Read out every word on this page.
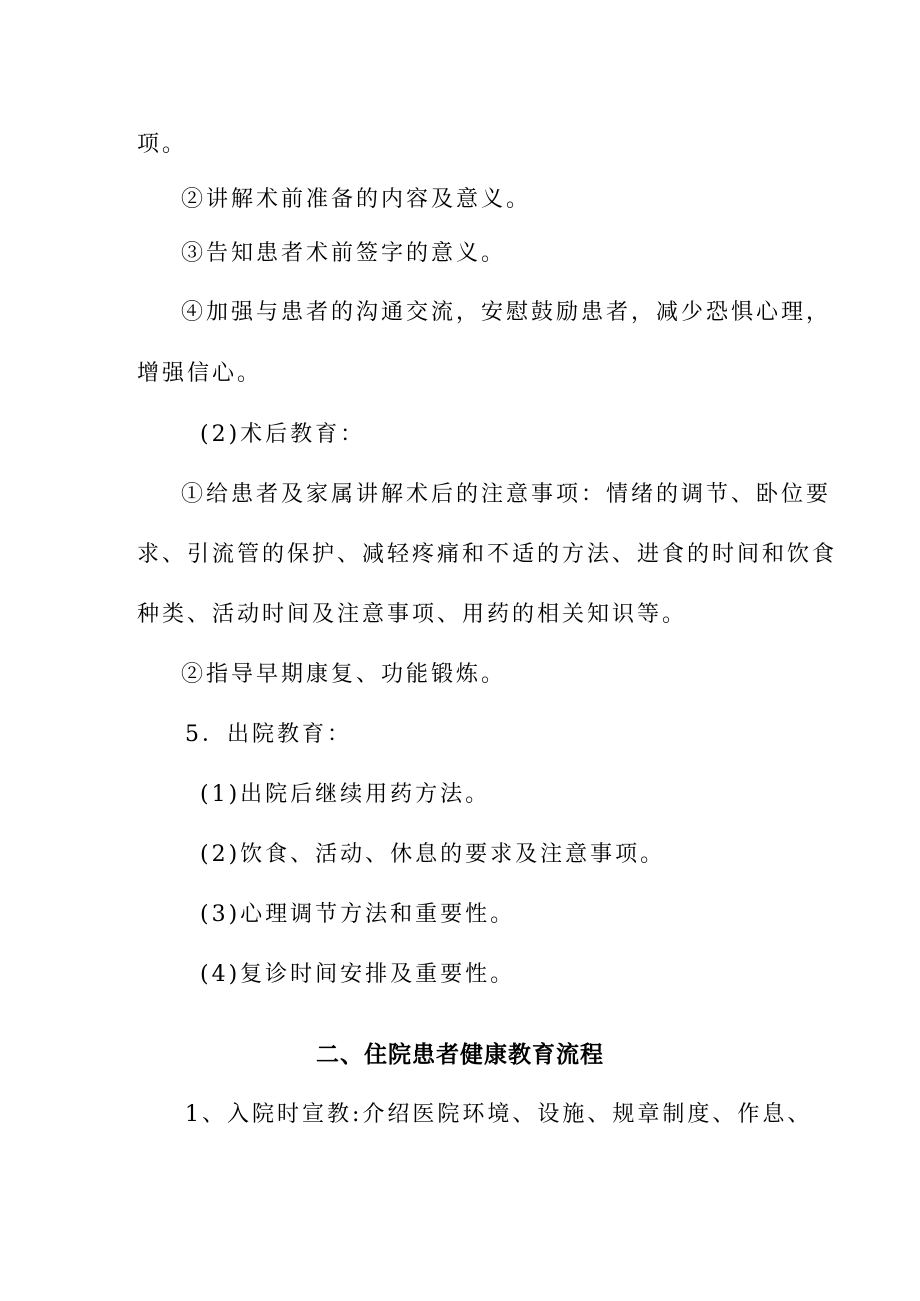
项。
②讲解术前准备的内容及意义。
③告知患者术前签字的意义。
④加强与患者的沟通交流，安慰鼓励患者，减少恐惧心理，
增强信心。
(2)术后教育：
①给患者及家属讲解术后的注意事项：情绪的调节、卧位要
求、引流管的保护、减轻疼痛和不适的方法、进食的时间和饮食
种类、活动时间及注意事项、用药的相关知识等。
②指导早期康复、功能锻炼。
5．出院教育：
(1)出院后继续用药方法。
(2)饮食、活动、休息的要求及注意事项。
(3)心理调节方法和重要性。
(4)复诊时间安排及重要性。
二、住院患者健康教育流程
1、入院时宣教:介绍医院环境、设施、规章制度、作息、
